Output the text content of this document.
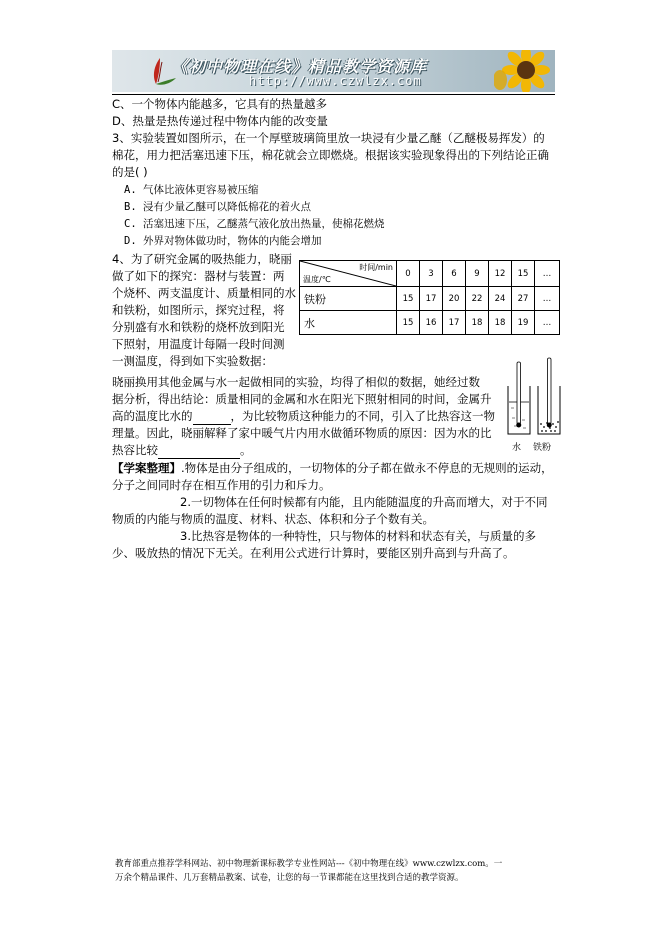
《初中物理在线》精品教学资源库
http://www.czwlzx.com
C、一个物体内能越多，它具有的热量越多
D、热量是热传递过程中物体内能的改变量
3、实验装置如图所示，在一个厚壁玻璃筒里放一块浸有少量乙醚（乙醚极易挥发）的
棉花，用力把活塞迅速下压，棉花就会立即燃烧。根据该实验现象得出的下列结论正确
的是( )
A. 气体比液体更容易被压缩
B. 浸有少量乙醚可以降低棉花的着火点
C. 活塞迅速下压，乙醚蒸气液化放出热量，使棉花燃烧
D. 外界对物体做功时，物体的内能会增加
4、为了研究金属的吸热能力，晓丽
做了如下的探究：器材与装置：两
个烧杯、两支温度计、质量相同的水
和铁粉，如图所示，探究过程，将
分别盛有水和铁粉的烧杯放到阳光
下照射，用温度计每隔一段时间测
一测温度，得到如下实验数据：
时间/min
温度/℃	0	3	6	9	12	15	…
铁粉	15	17	20	22	24	27	…
水	15	16	17	18	18	19	…
晓丽换用其他金属与水一起做相同的实验，均得了相似的数据，她经过数
据分析，得出结论：质量相同的金属和水在阳光下照射相同的时间，金属升
高的温度比水的	，为比较物质这种能力的不同，引入了比热容这一物
理量。因此，晓丽解释了家中暖气片内用水做循环物质的原因：因为水的比
热容比较	。	水 铁粉
【学案整理】.物体是由分子组成的，一切物体的分子都在做永不停息的无规则的运动，
分子之间同时存在相互作用的引力和斥力。
2.一切物体在任何时候都有内能，且内能随温度的升高而增大，对于不同
物质的内能与物质的温度、材料、状态、体积和分子个数有关。
3.比热容是物体的一种特性，只与物体的材料和状态有关，与质量的多
少、吸放热的情况下无关。在利用公式进行计算时，要能区别升高到与升高了。
教育部重点推荐学科网站、初中物理新课标教学专业性网站---《初中物理在线》www.czwlzx.com。一
万余个精品课件、几万套精品教案、试卷，让您的每一节课都能在这里找到合适的教学资源。
